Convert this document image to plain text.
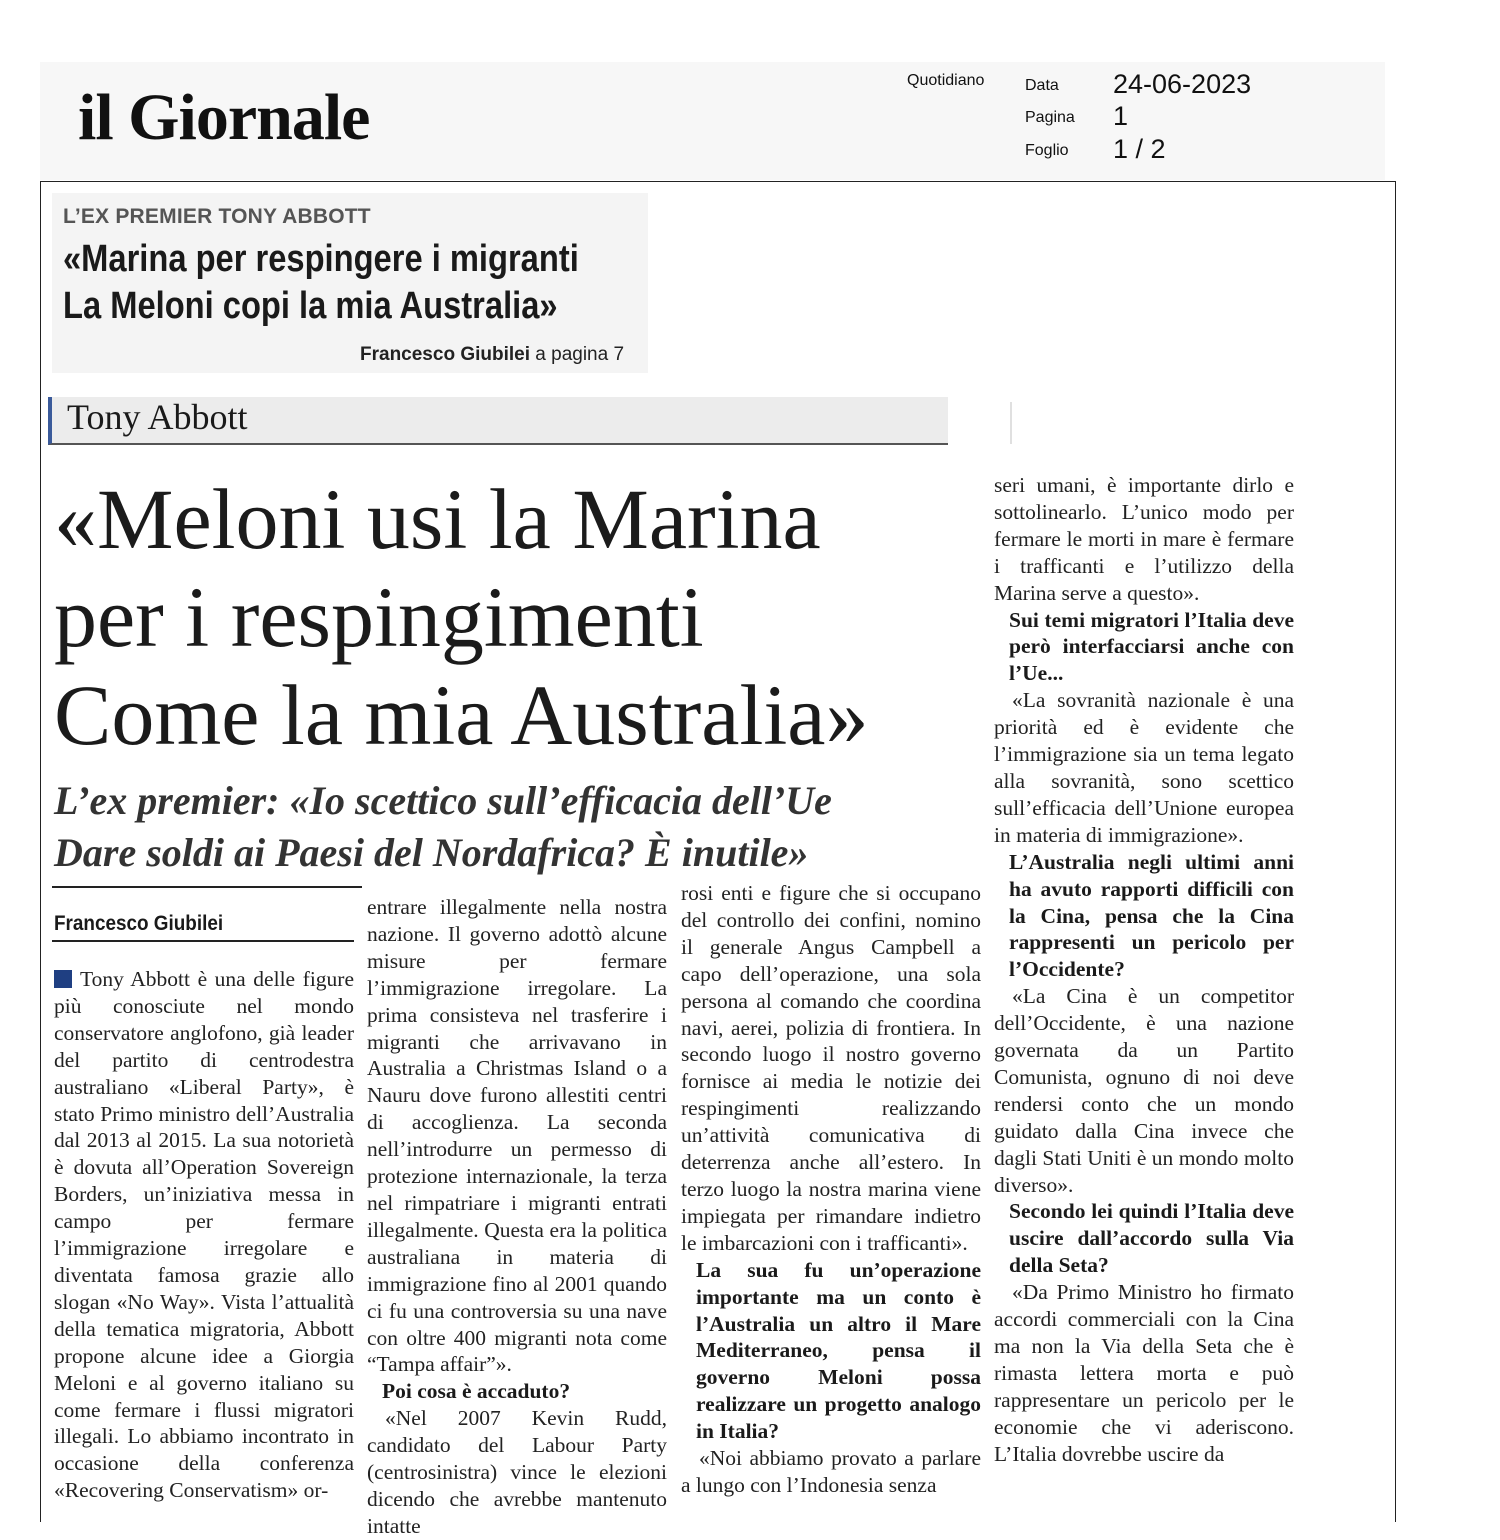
il Giornale
Quotidiano	Data 24-06-2023
Pagina 1
Foglio 1 / 2
L’EX PREMIER TONY ABBOTT
«Marina per respingere i migranti
La Meloni copi la mia Australia»
Francesco Giubilei a pagina 7
Tony Abbott
«Meloni usi la Marina
per i respingimenti
Come la mia Australia»
L’ex premier: «Io scettico sull’efficacia dell’Ue
Dare soldi ai Paesi del Nordafrica? È inutile»
Francesco Giubilei

Tony Abbott è una delle figure più conosciute nel mondo conservatore anglofono, già leader del partito di centrodestra australiano «Liberal Party», è stato Primo ministro dell’Australia dal 2013 al 2015. La sua notorietà è dovuta all’Operation Sovereign Borders, un’iniziativa messa in campo per fermare l’immigrazione irregolare e diventata famosa grazie allo slogan «No Way». Vista l’attualità della tematica migratoria, Abbott propone alcune idee a Giorgia Meloni e al governo italiano su come fermare i flussi migratori illegali. Lo abbiamo incontrato in occasione della conferenza «Recovering Conservatism» or-

entrare illegalmente nella nostra nazione. Il governo adottò alcune misure per fermare l’immigrazione irregolare. La prima consisteva nel trasferire i migranti che arrivavano in Australia a Christmas Island o a Nauru dove furono allestiti centri di accoglienza. La seconda nell’introdurre un permesso di protezione internazionale, la terza nel rimpatriare i migranti entrati illegalmente. Questa era la politica australiana in materia di immigrazione fino al 2001 quando ci fu una controversia su una nave con oltre 400 migranti nota come “Tampa affair”».

Poi cosa è accaduto?

«Nel 2007 Kevin Rudd, candidato del Labour Party (centrosinistra) vince le elezioni dicendo che avrebbe mantenuto intatte

rosi enti e figure che si occupano del controllo dei confini, nomino il generale Angus Campbell a capo dell’operazione, una sola persona al comando che coordina navi, aerei, polizia di frontiera. In secondo luogo il nostro governo fornisce ai media le notizie dei respingimenti realizzando un’attività comunicativa di deterrenza anche all’estero. In terzo luogo la nostra marina viene impiegata per rimandare indietro le imbarcazioni con i trafficanti».

La sua fu un’operazione importante ma un conto è l’Australia un altro il Mare Mediterraneo, pensa il governo Meloni possa realizzare un progetto analogo in Italia?

«Noi abbiamo provato a parlare a lungo con l’Indonesia senza

seri umani, è importante dirlo e sottolinearlo. L’unico modo per fermare le morti in mare è fermare i trafficanti e l’utilizzo della Marina serve a questo».

Sui temi migratori l’Italia deve però interfacciarsi anche con l’Ue...

«La sovranità nazionale è una priorità ed è evidente che l’immigrazione sia un tema legato alla sovranità, sono scettico sull’efficacia dell’Unione europea in materia di immigrazione».

L’Australia negli ultimi anni ha avuto rapporti difficili con la Cina, pensa che la Cina rappresenti un pericolo per l’Occidente?

«La Cina è un competitor dell’Occidente, è una nazione governata da un Partito Comunista, ognuno di noi deve rendersi conto che un mondo guidato dalla Cina invece che dagli Stati Uniti è un mondo molto diverso».

Secondo lei quindi l’Italia deve uscire dall’accordo sulla Via della Seta?

«Da Primo Ministro ho firmato accordi commerciali con la Cina ma non la Via della Seta che è rimasta lettera morta e può rappresentare un pericolo per le economie che vi aderiscono. L’Italia dovrebbe uscire da
